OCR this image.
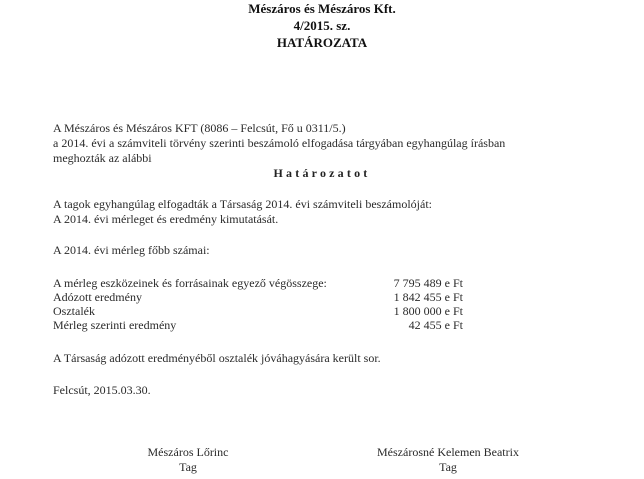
Mészáros és Mészáros Kft.
4/2015. sz.
HATÁROZATA
A Mészáros és Mészáros KFT (8086 – Felcsút, Fő u 0311/5.)
a 2014. évi a számviteli törvény szerinti beszámoló elfogadása tárgyában egyhangúlag írásban
meghozták az alábbi
Határozatot
A tagok egyhangúlag elfogadták a Társaság 2014. évi számviteli beszámolóját:
A 2014. évi mérleget és eredmény kimutatását.
A 2014. évi mérleg főbb számai:
A mérleg eszközeinek és forrásainak egyező végösszege:	7 795 489 e Ft
Adózott eredmény	1 842 455 e Ft
Osztalék	1 800 000 e Ft
Mérleg szerinti eredmény	42 455 e Ft
A Társaság adózott eredményéből osztalék jóváhagyására került sor.
Felcsút, 2015.03.30.
Mészáros Lőrinc
Tag
Mészárosné Kelemen Beatrix
Tag
